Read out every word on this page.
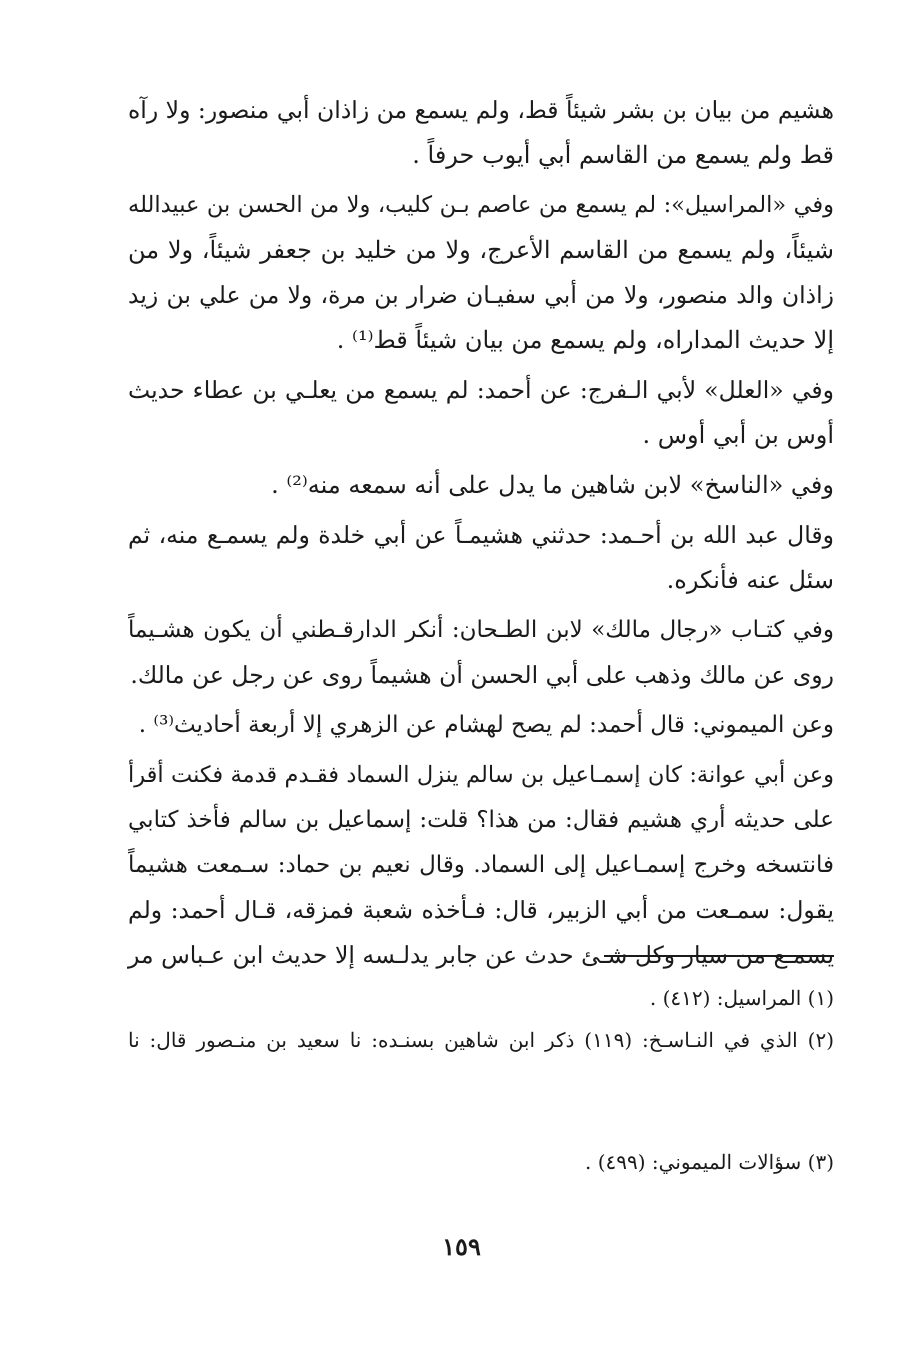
هشيم من بيان بن بشر شيئاً قط، ولم يسمع من زاذان أبي منصور: ولا رآه
قط ولم يسمع من القاسم أبي أيوب حرفاً .
وفي «المراسيل»: لم يسمع من عاصم بـن كليب، ولا من الحسن بن عبيدالله
شيئاً، ولم يسمع من القاسم الأعرج، ولا من خليد بن جعفر شيئاً، ولا من
زاذان والد منصور، ولا من أبي سفيـان ضرار بن مرة، ولا من علي بن زيد
إلا حديث المداراه، ولم يسمع من بيان شيئاً قط⁽¹⁾ .
وفي «العلل» لأبي الـفرج: عن أحمد: لم يسمع من يعلـي بن عطاء حديث
أوس بن أبي أوس .
وفي «الناسخ» لابن شاهين ما يدل على أنه سمعه منه⁽²⁾ .
وقال عبد الله بن أحـمد: حدثني هشيمـاً عن أبي خلدة ولم يسمـع منه، ثم
سئل عنه فأنكره.
وفي كتـاب «رجال مالك» لابن الطـحان: أنكر الدارقـطني أن يكون هشـيماً
روى عن مالك وذهب على أبي الحسن أن هشيماً روى عن رجل عن مالك.
وعن الميموني: قال أحمد: لم يصح لهشام عن الزهري إلا أربعة أحاديث⁽³⁾ .
وعن أبي عوانة: كان إسمـاعيل بن سالم ينزل السماد فقـدم قدمة فكنت أقرأ
على حديثه أري هشيم فقال: من هذا؟ قلت: إسماعيل بن سالم فأخذ كتابي
فانتسخه وخرج إسمـاعيل إلى السماد. وقال نعيم بن حماد: سـمعت هشيماً
يقول: سمـعت من أبي الزبير، قال: فـأخذه شعبة فمزقه، قـال أحمد: ولم
يسمـع من سيار وكل شـئ حدث عن جابر يدلـسه إلا حديث ابن عـباس مر
(١) المراسيل: (٤١٢) .
(٢) الذي في النـاسـخ: (١١٩) ذكر ابن شاهين بسنـده: نا سعيد بن منـصور قال: نا
(٣) سؤالات الميموني: (٤٩٩) .
١٥٩
